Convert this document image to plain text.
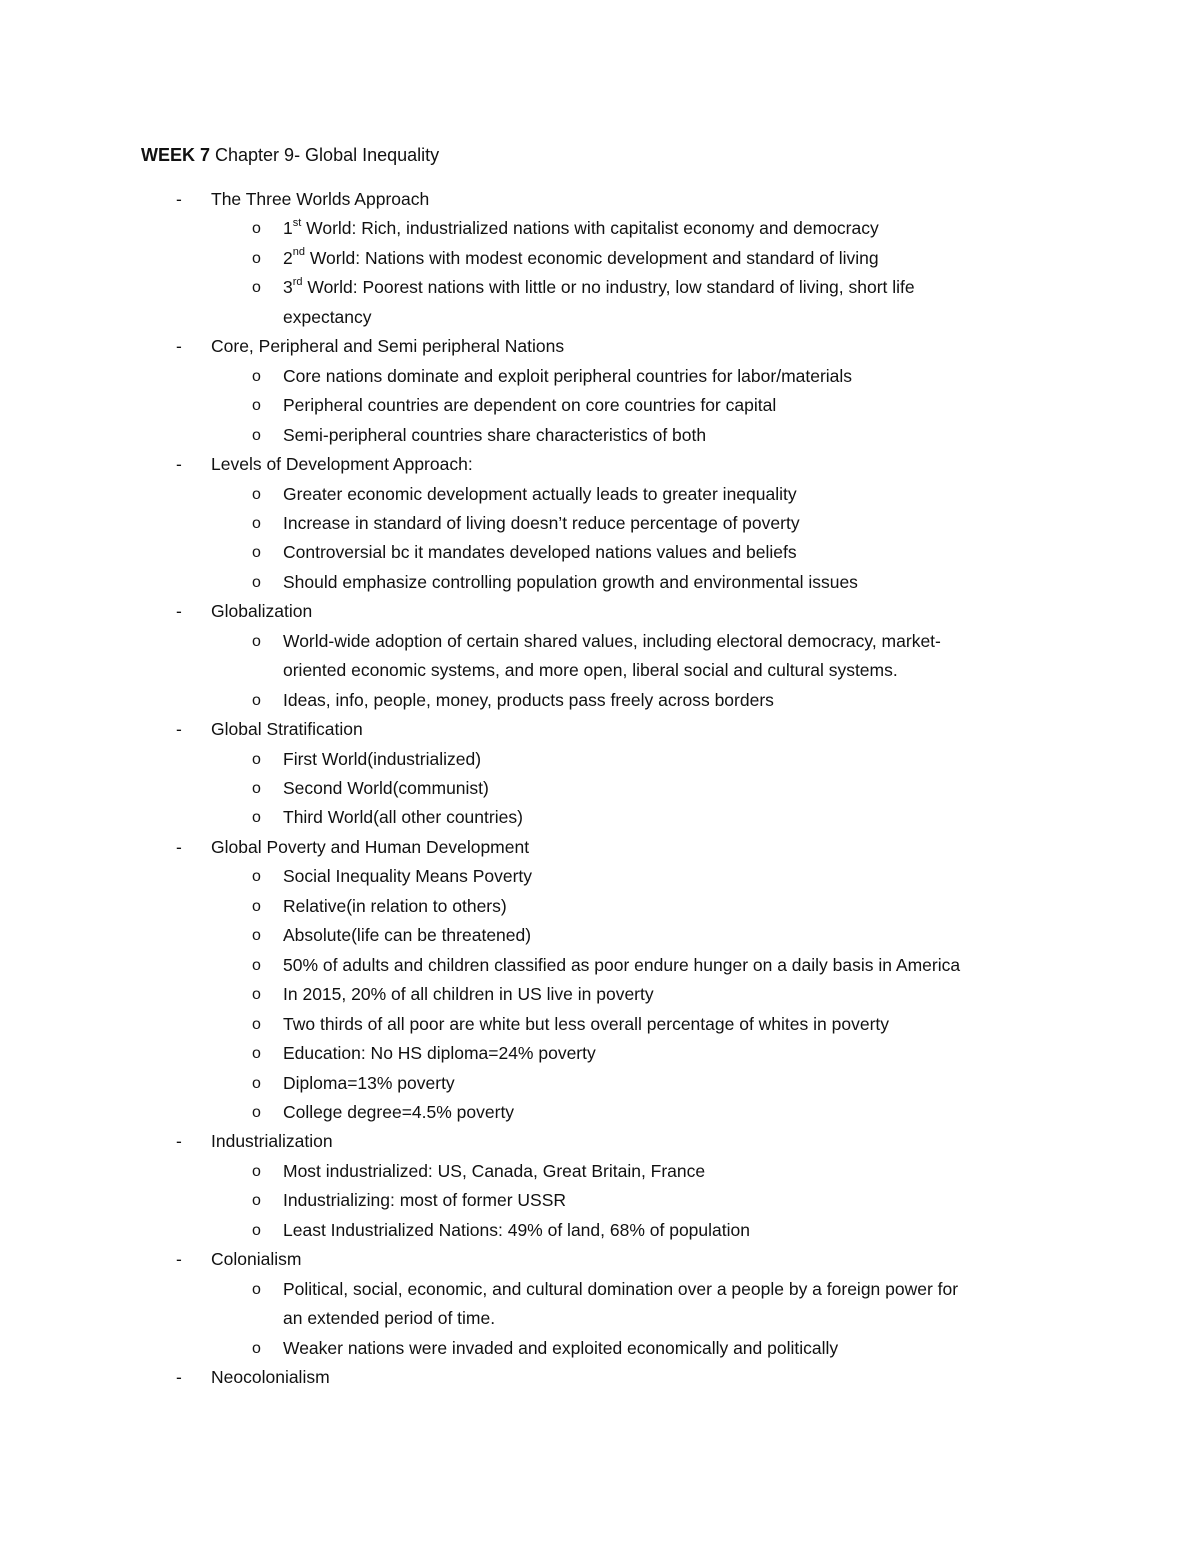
WEEK 7 Chapter 9- Global Inequality
-	The Three Worlds Approach
o 1st World: Rich, industrialized nations with capitalist economy and democracy
o 2nd World: Nations with modest economic development and standard of living
o 3rd World: Poorest nations with little or no industry, low standard of living, short life
expectancy
-	Core, Peripheral and Semi peripheral Nations
o Core nations dominate and exploit peripheral countries for labor/materials
o Peripheral countries are dependent on core countries for capital
o Semi-peripheral countries share characteristics of both
-	Levels of Development Approach:
o Greater economic development actually leads to greater inequality
o Increase in standard of living doesn’t reduce percentage of poverty
o Controversial bc it mandates developed nations values and beliefs
o Should emphasize controlling population growth and environmental issues
-	Globalization
o World-wide adoption of certain shared values, including electoral democracy, market-
oriented economic systems, and more open, liberal social and cultural systems.
o Ideas, info, people, money, products pass freely across borders
-	Global Stratification
o First World(industrialized)
o Second World(communist)
o Third World(all other countries)
-	Global Poverty and Human Development
o Social Inequality Means Poverty
o Relative(in relation to others)
o Absolute(life can be threatened)
o 50% of adults and children classified as poor endure hunger on a daily basis in America
o In 2015, 20% of all children in US live in poverty
o Two thirds of all poor are white but less overall percentage of whites in poverty
o Education: No HS diploma=24% poverty
o Diploma=13% poverty
o College degree=4.5% poverty
-	Industrialization
o Most industrialized: US, Canada, Great Britain, France
o Industrializing: most of former USSR
o Least Industrialized Nations: 49% of land, 68% of population
-	Colonialism
o Political, social, economic, and cultural domination over a people by a foreign power for
an extended period of time.
o Weaker nations were invaded and exploited economically and politically
-	Neocolonialism
